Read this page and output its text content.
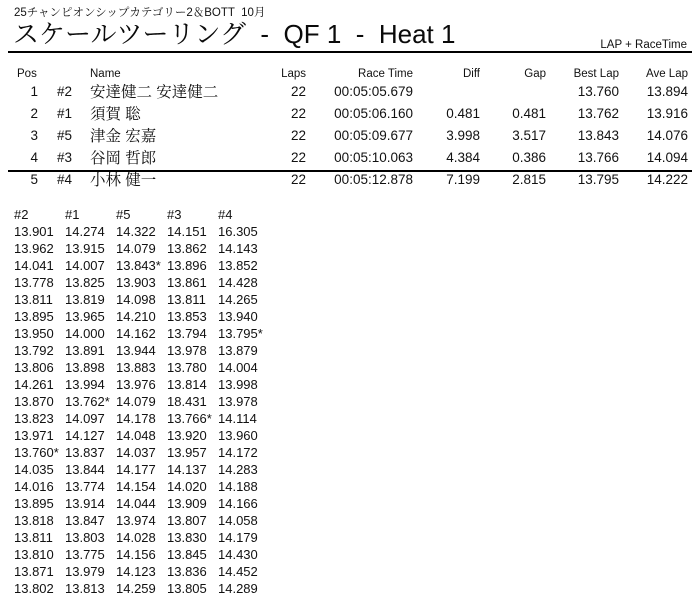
25チャンピオンシップカテゴリー2＆BOTT  10月
スケールツーリング  -  QF 1  -  Heat 1	LAP + RaceTime
Pos		Name	Laps	Race Time	Diff	Gap	Best Lap	Ave Lap
1	#2	安達健二 安達健二	22	00:05:05.679			13.760	13.894
2	#1	須賀 聡	22	00:05:06.160	0.481	0.481	13.762	13.916
3	#5	津金 宏嘉	22	00:05:09.677	3.998	3.517	13.843	14.076
4	#3	谷岡 哲郎	22	00:05:10.063	4.384	0.386	13.766	14.094
5	#4	小林 健一	22	00:05:12.878	7.199	2.815	13.795	14.222
#2	#1	#5	#3	#4
13.901	14.274	14.322	14.151	16.305
13.962	13.915	14.079	13.862	14.143
14.041	14.007	13.843*	13.896	13.852
13.778	13.825	13.903	13.861	14.428
13.811	13.819	14.098	13.811	14.265
13.895	13.965	14.210	13.853	13.940
13.950	14.000	14.162	13.794	13.795*
13.792	13.891	13.944	13.978	13.879
13.806	13.898	13.883	13.780	14.004
14.261	13.994	13.976	13.814	13.998
13.870	13.762*	14.079	18.431	13.978
13.823	14.097	14.178	13.766*	14.114
13.971	14.127	14.048	13.920	13.960
13.760*	13.837	14.037	13.957	14.172
14.035	13.844	14.177	14.137	14.283
14.016	13.774	14.154	14.020	14.188
13.895	13.914	14.044	13.909	14.166
13.818	13.847	13.974	13.807	14.058
13.811	13.803	14.028	13.830	14.179
13.810	13.775	14.156	13.845	14.430
13.871	13.979	14.123	13.836	14.452
13.802	13.813	14.259	13.805	14.289
